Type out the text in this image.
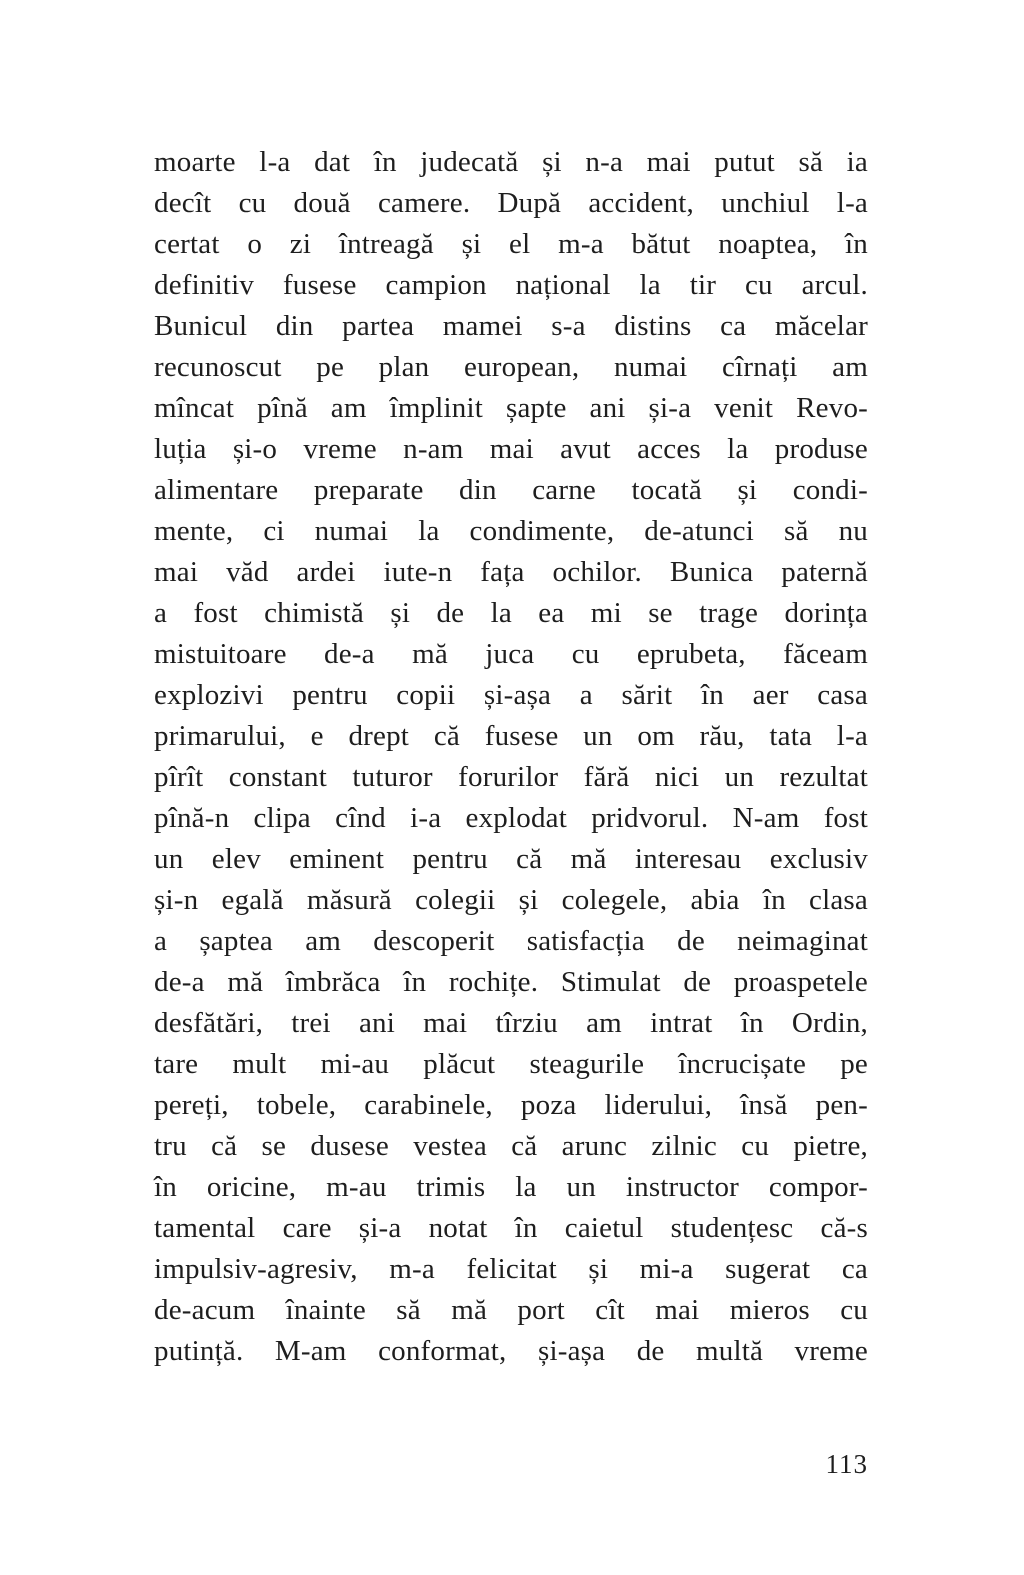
moarte l-a dat în judecată și n-a mai putut să ia
decît cu două camere. După accident, unchiul l-a
certat o zi întreagă și el m-a bătut noaptea, în
definitiv fusese campion național la tir cu arcul.
Bunicul din partea mamei s-a distins ca măcelar
recunoscut pe plan european, numai cîrnați am
mîncat pînă am împlinit șapte ani și-a venit Revo-
luția și-o vreme n-am mai avut acces la produse
alimentare preparate din carne tocată și condi-
mente, ci numai la condimente, de-atunci să nu
mai văd ardei iute-n fața ochilor. Bunica paternă
a fost chimistă și de la ea mi se trage dorința
mistuitoare de-a mă juca cu eprubeta, făceam
explozivi pentru copii și-așa a sărit în aer casa
primarului, e drept că fusese un om rău, tata l-a
pîrît constant tuturor forurilor fără nici un rezultat
pînă-n clipa cînd i-a explodat pridvorul. N-am fost
un elev eminent pentru că mă interesau exclusiv
și-n egală măsură colegii și colegele, abia în clasa
a șaptea am descoperit satisfacția de neimaginat
de-a mă îmbrăca în rochițe. Stimulat de proaspetele
desfătări, trei ani mai tîrziu am intrat în Ordin,
tare mult mi-au plăcut steagurile încrucișate pe
pereți, tobele, carabinele, poza liderului, însă pen-
tru că se dusese vestea că arunc zilnic cu pietre,
în oricine, m-au trimis la un instructor compor-
tamental care și-a notat în caietul studențesc că-s
impulsiv-agresiv, m-a felicitat și mi-a sugerat ca
de-acum înainte să mă port cît mai mieros cu
putință. M-am conformat, și-așa de multă vreme
113
